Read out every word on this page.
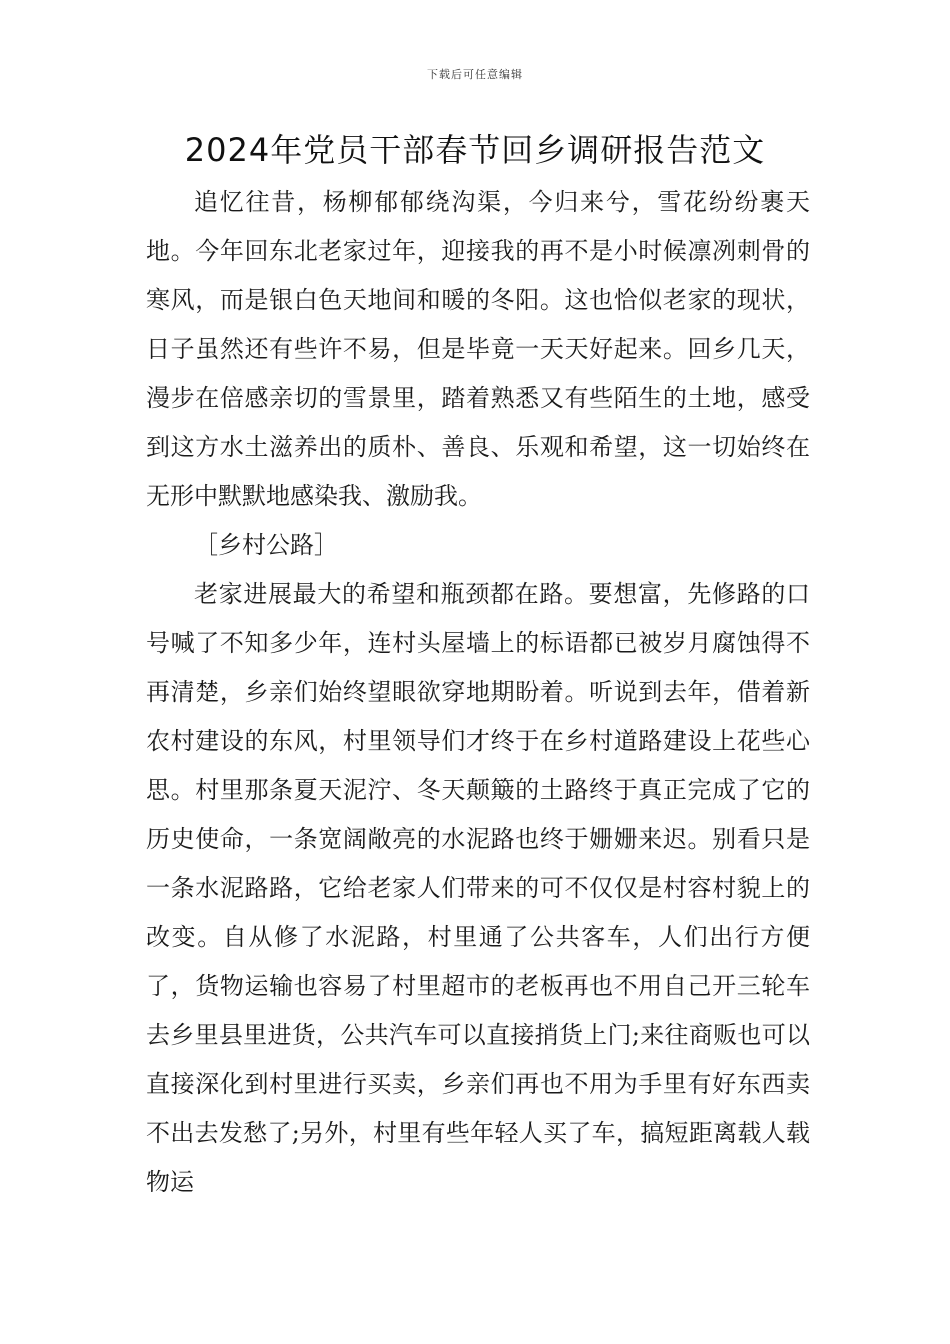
下载后可任意编辑
2024年党员干部春节回乡调研报告范文

追忆往昔，杨柳郁郁绕沟渠，今归来兮，雪花纷纷裹天地。今年回东北老家过年，迎接我的再不是小时候凛冽刺骨的寒风，而是银白色天地间和暖的冬阳。这也恰似老家的现状，日子虽然还有些许不易，但是毕竟一天天好起来。回乡几天，漫步在倍感亲切的雪景里，踏着熟悉又有些陌生的土地，感受到这方水土滋养出的质朴、善良、乐观和希望，这一切始终在无形中默默地感染我、激励我。

［乡村公路］

老家进展最大的希望和瓶颈都在路。要想富，先修路的口号喊了不知多少年，连村头屋墙上的标语都已被岁月腐蚀得不再清楚，乡亲们始终望眼欲穿地期盼着。听说到去年，借着新农村建设的东风，村里领导们才终于在乡村道路建设上花些心思。村里那条夏天泥泞、冬天颠簸的土路终于真正完成了它的历史使命，一条宽阔敞亮的水泥路也终于姗姗来迟。别看只是一条水泥路路，它给老家人们带来的可不仅仅是村容村貌上的改变。自从修了水泥路，村里通了公共客车，人们出行方便了，货物运输也容易了村里超市的老板再也不用自己开三轮车去乡里县里进货，公共汽车可以直接捎货上门;来往商贩也可以直接深化到村里进行买卖，乡亲们再也不用为手里有好东西卖不出去发愁了;另外，村里有些年轻人买了车，搞短距离载人载物运
